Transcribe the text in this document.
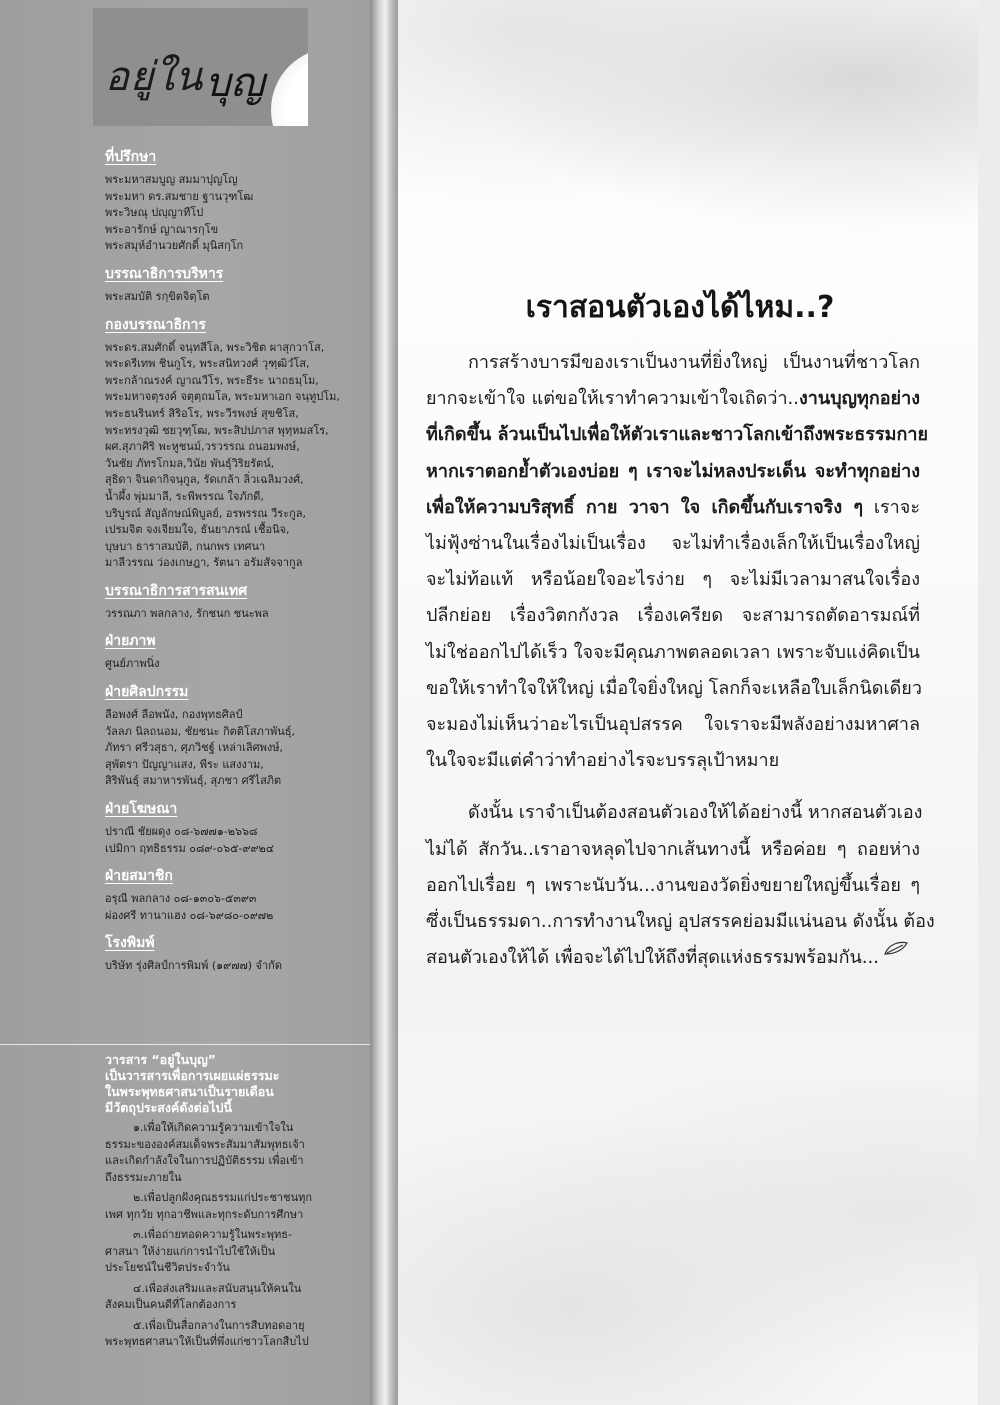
อยู่ใน บุญ
ที่ปรึกษา
พระมหาสมบูญ สมมาปุญโญ
พระมหา ดร.สมชาย ฐานวุฑโฒ
พระวิษณุ ปญฺญาทีโป
พระอารักษ์ ญาณารกฺโข
พระสมุห์อำนวยศักดิ์ มุนิสกฺโก
บรรณาธิการบริหาร
พระสมบัติ รกฺขิตจิตฺโต
กองบรรณาธิการ
พระดร.สมศักดิ์ จนฺทสีโล, พระวิชิต ผาสุกวาโส,
พระดรีเทพ ชินกูโร, พระสนิทวงศ์ วุฑฺฒิวํโส,
พระกล้าณรงค์ ญาณวีโร, พระธีระ นาถธมฺโม,
พระมหาจตุรงค์ จตุตฺถมโล, พระมหาเอก จนฺทูปโม,
พระธนรินทร์ สิริอโร, พระวีรพงษ์ สุขชิโส,
พระทรงวุฒิ ชยวุฑฺโฒ, พระสิปปภาส พุทฺหมสโร,
ผศ.สุภาศิริ พะหูชนม์,วรวรรณ ถนอมพงษ์,
วันชัย ภัทรโกมล,วินัย พันธุ์วิริยรัตน์,
สุธิดา จินดากิจนุกูล, รัดเกล้า ลิ่วเฉลิมวงศ์,
น้ำผึ้ง พุ่มมาลี, ระพีพรรณ ใจภักดี,
บริบูรณ์ สัญลักษณ์พิบูลย์, อรพรรณ วีระกูล,
เปรมจิต จงเจียมใจ, ธันยาภรณ์ เชื้อนิจ,
บุษบา ธาราสมบัติ, กนกพร เทศนา
มาลีวรรณ ว่องเกษฎา, รัตนา อรัมสัจจากูล
บรรณาธิการสารสนเทศ
วรรณภา พลกลาง, รักชนก ชนะพล
ฝ่ายภาพ
ศูนย์ภาพนิ่ง
ฝ่ายศิลปกรรม
ลือพงศ์ ลือพนัง, กองพุทธศิลป์
วัลลภ นิลถนอม, ชัยชนะ กิตติโสภาพันธุ์,
ภัทรา ศรีวสุธา, ศุภวิชฐ์ เหล่าเลิศพงษ์,
สุพัตรา ปัญญาแสง, พีระ แสงงาม,
สิริพันธุ์ สมาหารพันธุ์, สุภชา ศรีไสภิต
ฝ่ายโฆษณา
ปราณี ชัยผดุง ๐๘-๖๗๗๑-๒๖๖๘
เปมิกา ฤทธิธรรม ๐๘๙-๐๖๕-๙๙๒๔
ฝ่ายสมาชิก
อรุณี พลกลาง ๐๘-๑๓๐๖-๕๓๙๓
ผ่องศรี ทานาแฮง ๐๘-๖๙๘๐-๐๙๗๒
โรงพิมพ์
บริษัท รุ่งศิลป์การพิมพ์ (๑๙๗๗) จำกัด
วารสาร “อยู่ในบุญ”
เป็นวารสารเพื่อการเผยแผ่ธรรมะ
ในพระพุทธศาสนาเป็นรายเดือน
มีวัตถุประสงค์ดังต่อไปนี้
๑.เพื่อให้เกิดความรู้ความเข้าใจใน
ธรรมะขององค์สมเด็จพระสัมมาสัมพุทธเจ้า
และเกิดกำลังใจในการปฏิบัติธรรม เพื่อเข้า
ถึงธรรมะภายใน
๒.เพื่อปลูกฝังคุณธรรมแก่ประชาชนทุก
เพศ ทุกวัย ทุกอาชีพและทุกระดับการศึกษา
๓.เพื่อถ่ายทอดความรู้ในพระพุทธ-
ศาสนา ให้ง่ายแก่การนำไปใช้ให้เป็น
ประโยชน์ในชีวิตประจำวัน
๔.เพื่อส่งเสริมและสนับสนุนให้คนใน
สังคมเป็นคนดีที่โลกต้องการ
๕.เพื่อเป็นสื่อกลางในการสืบทอดอายุ
พระพุทธศาสนาให้เป็นที่พึ่งแก่ชาวโลกสืบไป
เราสอนตัวเองได้ไหม..?
การสร้างบารมีของเราเป็นงานที่ยิ่งใหญ่ เป็นงานที่ชาวโลก
ยากจะเข้าใจ แต่ขอให้เราทำความเข้าใจเถิดว่า..งานบุญทุกอย่าง
ที่เกิดขึ้น ล้วนเป็นไปเพื่อให้ตัวเราและชาวโลกเข้าถึงพระธรรมกาย
หากเราตอกย้ำตัวเองบ่อย ๆ เราจะไม่หลงประเด็น จะทำทุกอย่าง
เพื่อให้ความบริสุทธิ์ กาย วาจา ใจ เกิดขึ้นกับเราจริง ๆ เราจะ
ไม่ฟุ้งซ่านในเรื่องไม่เป็นเรื่อง จะไม่ทำเรื่องเล็กให้เป็นเรื่องใหญ่
จะไม่ท้อแท้ หรือน้อยใจอะไรง่าย ๆ จะไม่มีเวลามาสนใจเรื่อง
ปลีกย่อย เรื่องวิตกกังวล เรื่องเครียด จะสามารถตัดอารมณ์ที่
ไม่ใช่ออกไปได้เร็ว ใจจะมีคุณภาพตลอดเวลา เพราะจับแง่คิดเป็น
ขอให้เราทำใจให้ใหญ่ เมื่อใจยิ่งใหญ่ โลกก็จะเหลือใบเล็กนิดเดียว
จะมองไม่เห็นว่าอะไรเป็นอุปสรรค ใจเราจะมีพลังอย่างมหาศาล
ในใจจะมีแต่คำว่าทำอย่างไรจะบรรลุเป้าหมาย
ดังนั้น เราจำเป็นต้องสอนตัวเองให้ได้อย่างนี้ หากสอนตัวเอง
ไม่ได้ สักวัน..เราอาจหลุดไปจากเส้นทางนี้ หรือค่อย ๆ ถอยห่าง
ออกไปเรื่อย ๆ เพราะนับวัน...งานของวัดยิ่งขยายใหญ่ขึ้นเรื่อย ๆ
ซึ่งเป็นธรรมดา..การทำงานใหญ่ อุปสรรคย่อมมีแน่นอน ดังนั้น ต้อง
สอนตัวเองให้ได้ เพื่อจะได้ไปให้ถึงที่สุดแห่งธรรมพร้อมกัน...
